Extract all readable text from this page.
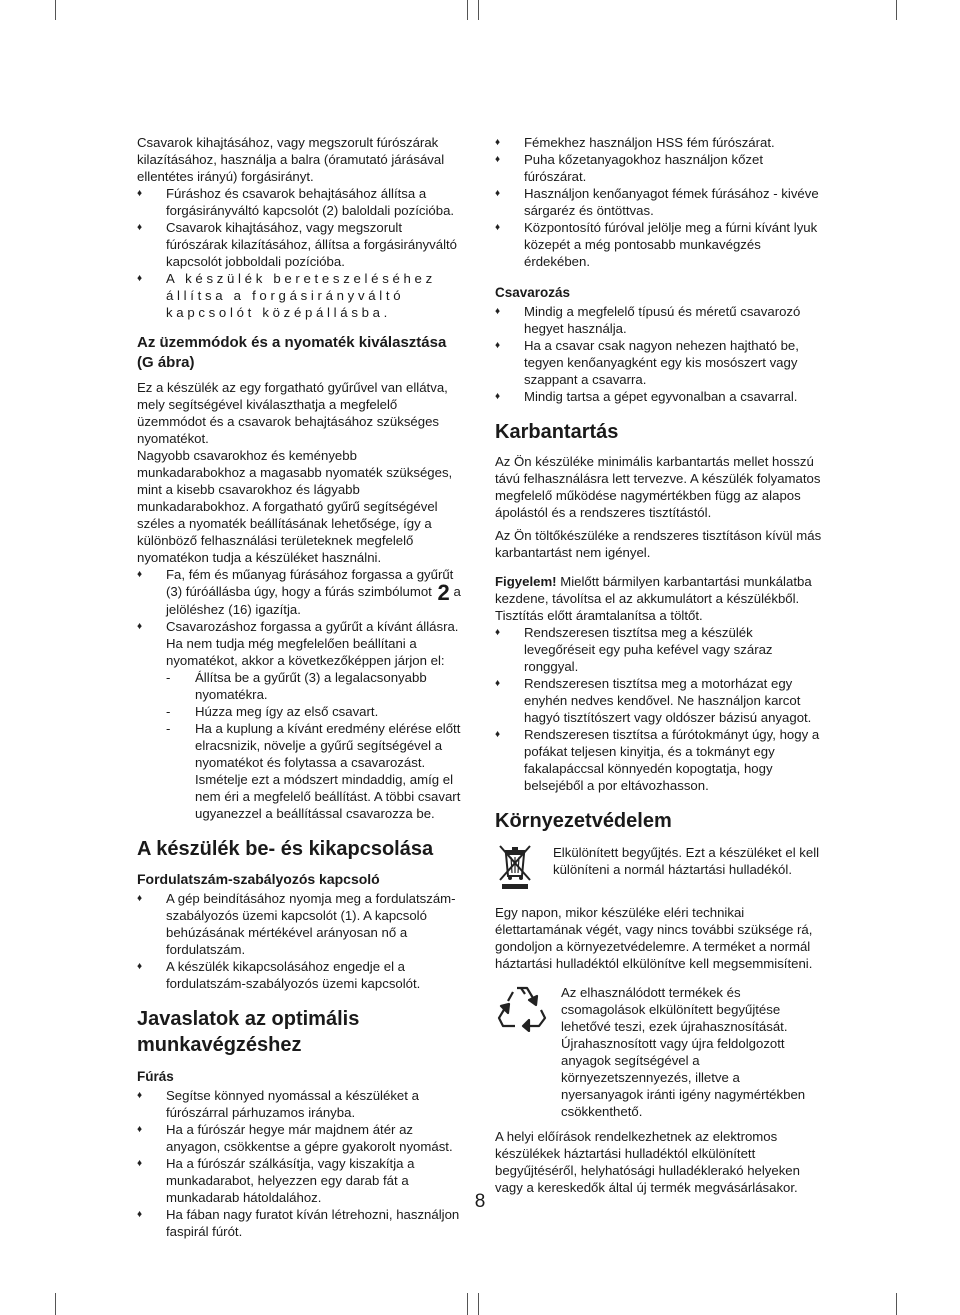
Csavarok kihajtásához, vagy megszorult fúrószárak kilazításához, használja a balra (óramutató járásával ellentétes irányú) forgásirányt.

♦ Fúráshoz és csavarok behajtásához állítsa a forgásirányváltó kapcsolót (2) baloldali pozícióba.
♦ Csavarok kihajtásához, vagy megszorult fúrószárak kilazításához, állítsa a forgásirányváltó kapcsolót jobboldali pozícióba.
♦ A készülék bereteszeléséhez állítsa a forgásirányváltó kapcsolót középállásba.
Az üzemmódok és a nyomaték kiválasztása
(G ábra)

Ez a készülék az egy forgatható gyűrűvel van ellátva, mely segítségével kiválaszthatja a megfelelő üzemmódot és a csavarok behajtásához szükséges nyomatékot.

Nagyobb csavarokhoz és keményebb munkadarabokhoz a magasabb nyomaték szükséges, mint a kisebb csavarokhoz és lágyabb munkadarabokhoz. A forgatható gyűrű segítségével széles a nyomaték beállításának lehetősége, így a különböző felhasználási területeknek megfelelő nyomatékon tudja a készüléket használni.

♦ Fa, fém és műanyag fúrásához forgassa a gyűrűt (3) fúróállásba úgy, hogy a fúrás szimbólumot 2 a jelöléshez (16) igazítja.
♦ Csavarozáshoz forgassa a gyűrűt a kívánt állásra. Ha nem tudja még megfelelően beállítani a nyomatékot, akkor a következőképpen járjon el:
- Állítsa be a gyűrűt (3) a legalacsonyabb nyomatékra.
- Húzza meg így az első csavart.
- Ha a kuplung a kívánt eredmény elérése előtt elracsnizik, növelje a gyűrű segítségével a nyomatékot és folytassa a csavarozást. Ismételje ezt a módszert mindaddig, amíg el nem éri a megfelelő beállítást. A többi csavart ugyanezzel a beállítással csavarozza be.
A készülék be- és kikapcsolása
Fordulatszám-szabályozós kapcsoló
♦ A gép beindításához nyomja meg a fordulatszám-szabályozós üzemi kapcsolót (1). A kapcsoló behúzásának mértékével arányosan nő a fordulatszám.
♦ A készülék kikapcsolásához engedje el a fordulatszám-szabályozós üzemi kapcsolót.
Javaslatok az optimális munkavégzéshez
Fúrás
♦ Segítse könnyed nyomással a készüléket a fúrószárral párhuzamos irányba.
♦ Ha a fúrószár hegye már majdnem átér az anyagon, csökkentse a gépre gyakorolt nyomást.
♦ Ha a fúrószár szálkásítja, vagy kiszakítja a munkadarabot, helyezzen egy darab fát a munkadarab hátoldalához.
♦ Ha fában nagy furatot kíván létrehozni, használjon faspirál fúrót.
♦ Fémekhez használjon HSS fém fúrószárat.
♦ Puha kőzetanyagokhoz használjon kőzet fúrószárat.
♦ Használjon kenőanyagot fémek fúrásához - kivéve sárgaréz és öntöttvas.
♦ Központosító fúróval jelölje meg a fúrni kívánt lyuk közepét a még pontosabb munkavégzés érdekében.
Csavarozás
♦ Mindig a megfelelő típusú és méretű csavarozó hegyet használja.
♦ Ha a csavar csak nagyon nehezen hajtható be, tegyen kenőanyagként egy kis mosószert vagy szappant a csavarra.
♦ Mindig tartsa a gépet egyvonalban a csavarral.
Karbantartás

Az Ön készüléke minimális karbantartás mellet hosszú távú felhasználásra lett tervezve. A készülék folyamatos megfelelő működése nagymértékben függ az alapos ápolástól és a rendszeres tisztítástól.

Az Ön töltőkészüléke a rendszeres tisztításon kívül más karbantartást nem igényel.

Figyelem! Mielőtt bármilyen karbantartási munkálatba kezdene, távolítsa el az akkumulátort a készülékből. Tisztítás előtt áramtalanítsa a töltőt.

♦ Rendszeresen tisztítsa meg a készülék levegőréseit egy puha kefével vagy száraz ronggyal.
♦ Rendszeresen tisztítsa meg a motorházat egy enyhén nedves kendővel. Ne használjon karcot hagyó tisztítószert vagy oldószer bázisú anyagot.
♦ Rendszeresen tisztítsa a fúrótokmányt úgy, hogy a pofákat teljesen kinyitja, és a tokmányt egy fakalapáccsal könnyedén kopogtatja, hogy belsejéből a por eltávozhasson.
Környezetvédelem
Elkülönített begyűjtés. Ezt a készüléket el kell különíteni a normál háztartási hulladékól.

Egy napon, mikor készüléke eléri technikai élettartamának végét, vagy nincs további szüksége rá, gondoljon a környezetvédelemre. A terméket a normál háztartási hulladéktól elkülönítve kell megsemmisíteni.

Az elhasználódott termékek és csomagolások elkülönített begyűjtése lehetővé teszi, ezek újrahasznosítását. Újrahasznosított vagy újra feldolgozott anyagok segítségével a környezetszennyezés, illetve a nyersanyagok iránti igény nagymértékben csökkenthető.

A helyi előírások rendelkezhetnek az elektromos készülékek háztartási hulladéktól elkülönített begyűjtéséről, helyhatósági hulladéklerakó helyeken vagy a kereskedők által új termék megvásárlásakor.

8
